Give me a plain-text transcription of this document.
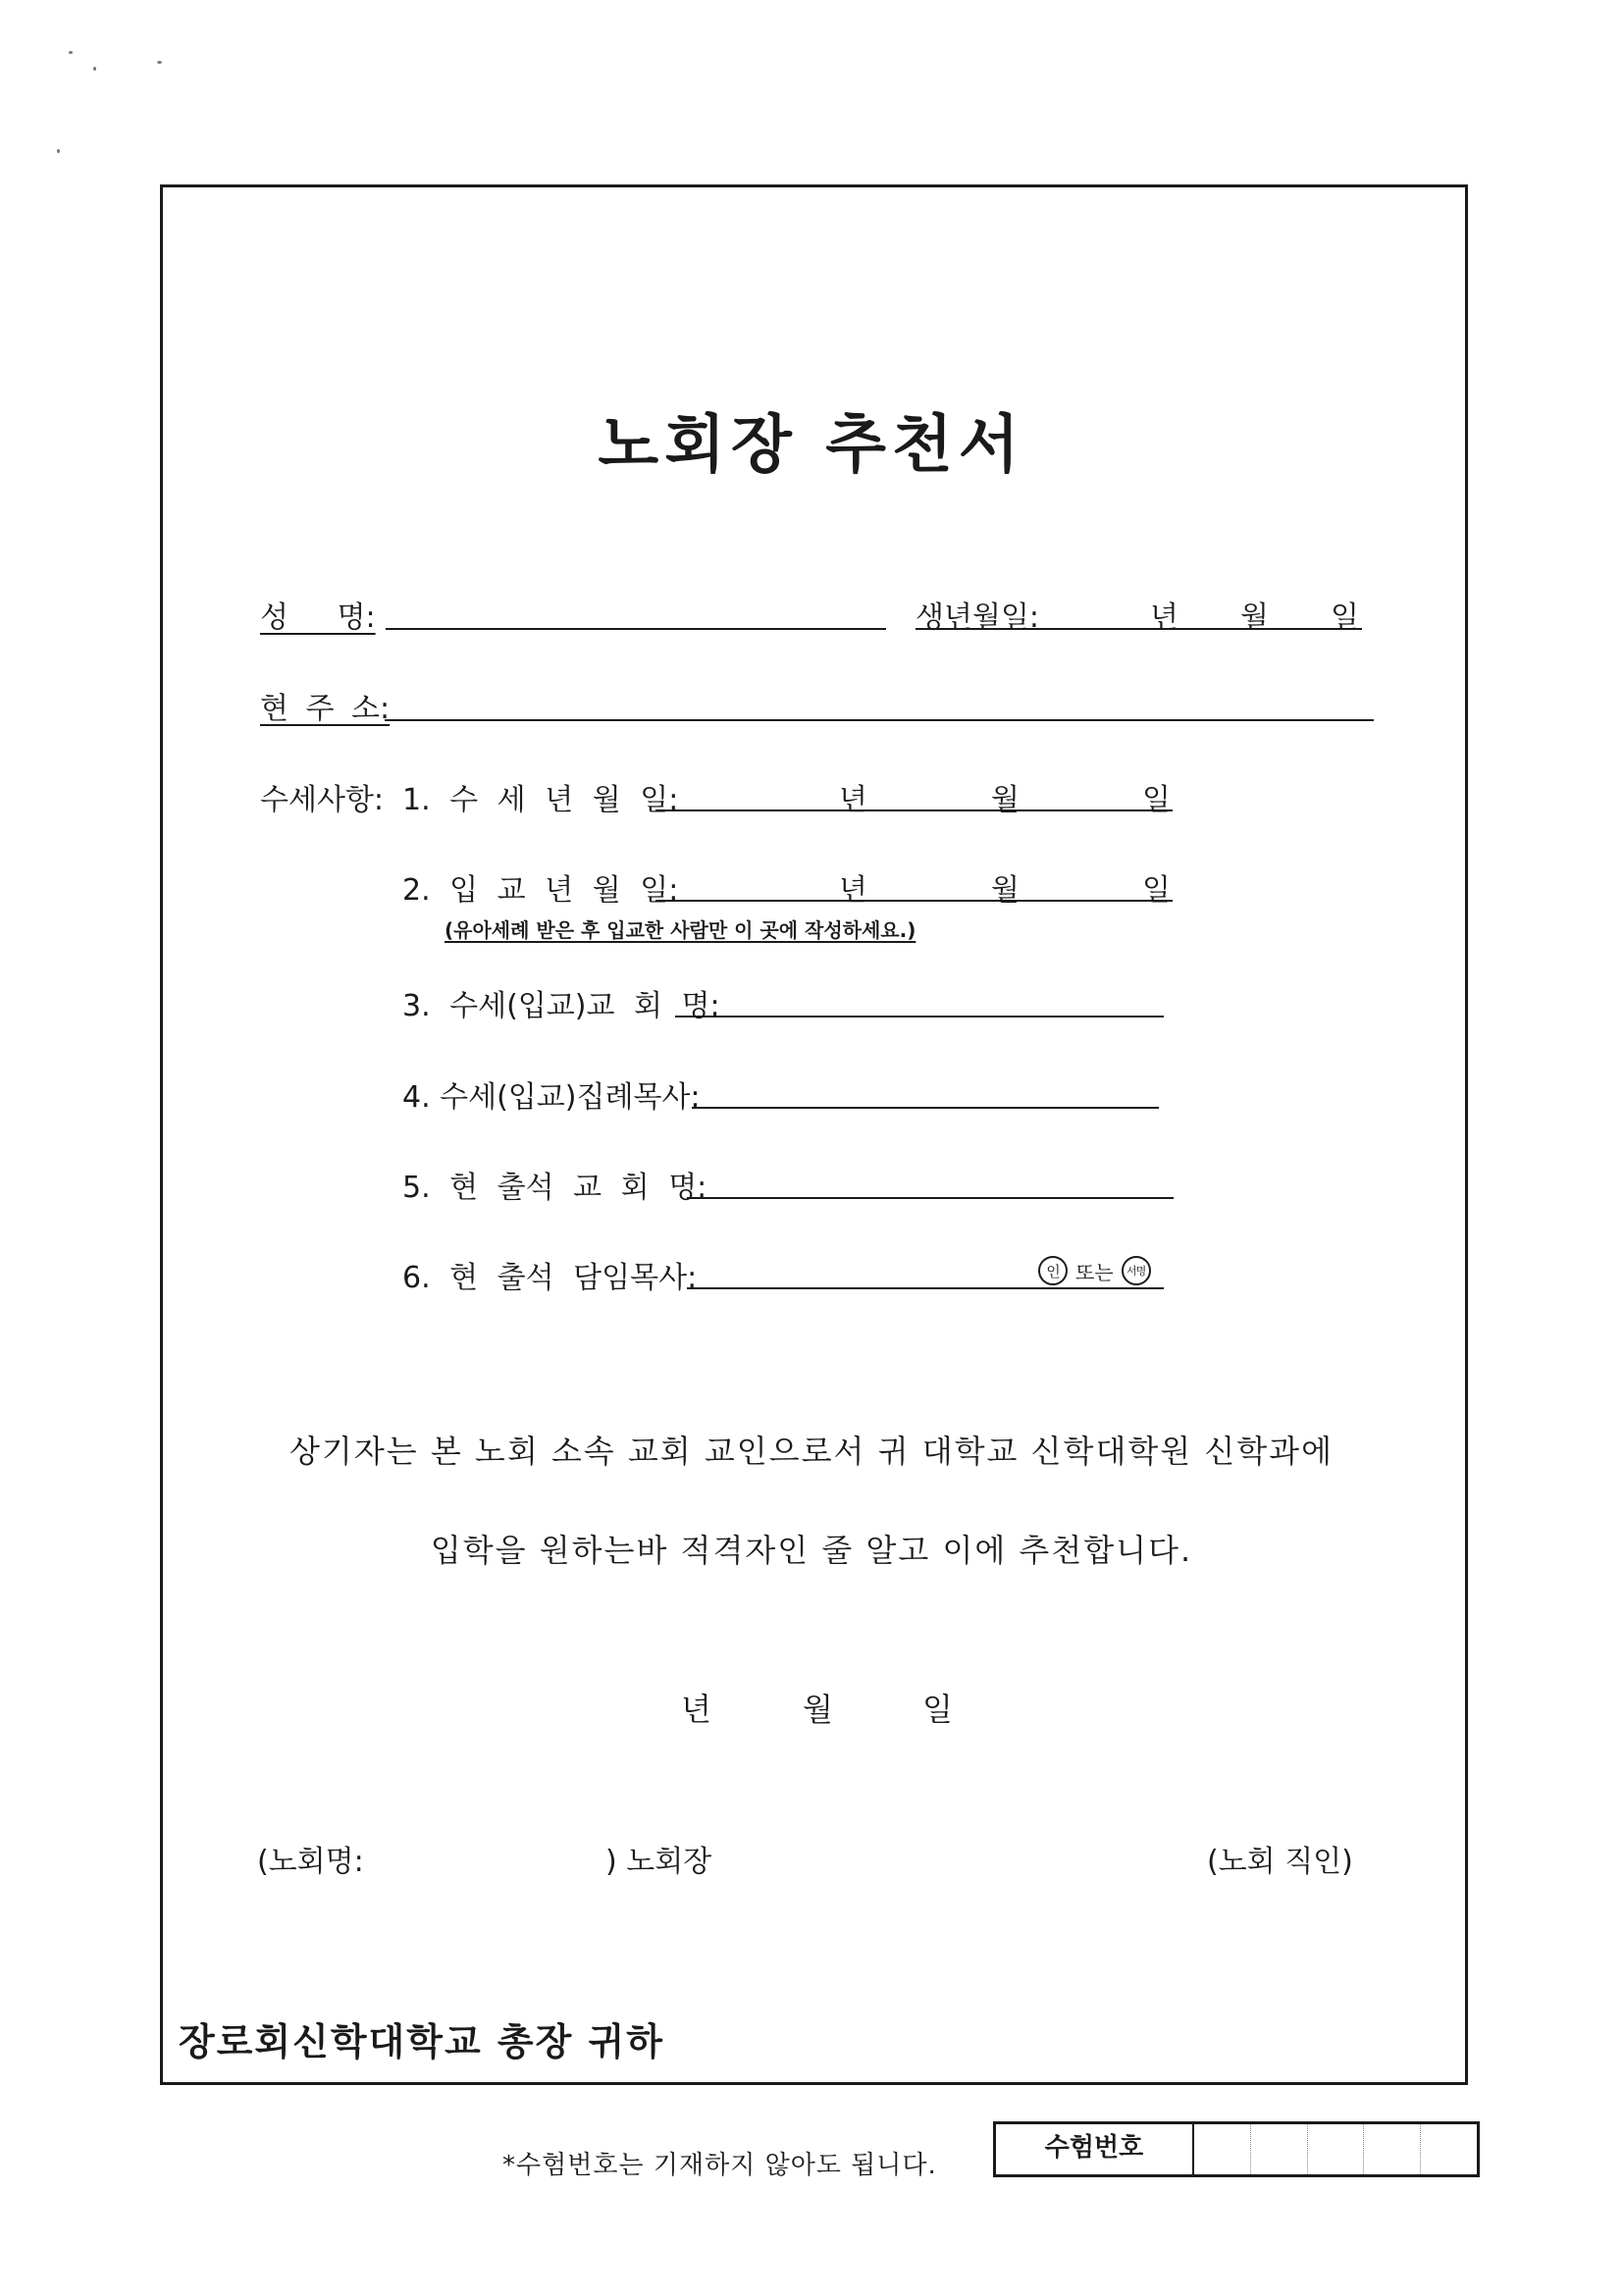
노회장 추천서
성 명:	생년월일:	년 월 일
현 주 소:
수세사항: 1. 수 세 년 월 일:	년	월	일
2. 입 교 년 월 일:	년	월	일
(유아세례 받은 후 입교한 사람만 이 곳에 작성하세요.)
3. 수세(입교)교 회 명:
4. 수세(입교)집례목사:
5. 현 출석 교 회 명:
6. 현 출석 담임목사:	인 또는 서명
상기자는 본 노회 소속 교회 교인으로서 귀 대학교 신학대학원 신학과에
입학을 원하는바 적격자인 줄 알고 이에 추천합니다.
년	월	일
(노회명:	) 노회장	(노회 직인)
장로회신학대학교 총장 귀하
*수험번호는 기재하지 않아도 됩니다.
수험번호
